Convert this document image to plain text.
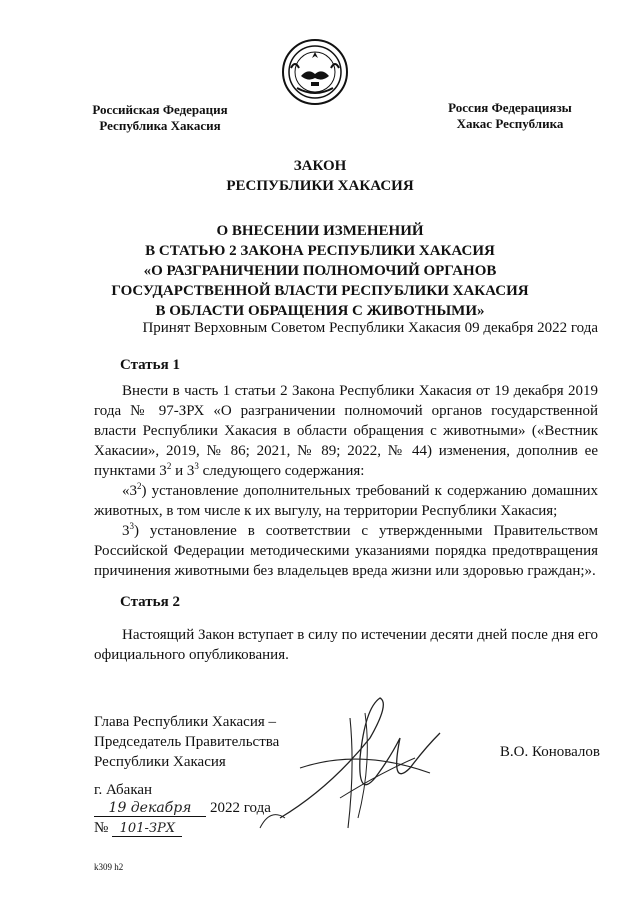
Российская Федерация
Республика Хакасия
Россия Федерациязы
Хакас Республика
ЗАКОН
РЕСПУБЛИКИ ХАКАСИЯ
О ВНЕСЕНИИ ИЗМЕНЕНИЙ
В СТАТЬЮ 2 ЗАКОНА РЕСПУБЛИКИ ХАКАСИЯ
«О РАЗГРАНИЧЕНИИ ПОЛНОМОЧИЙ ОРГАНОВ
ГОСУДАРСТВЕННОЙ ВЛАСТИ РЕСПУБЛИКИ ХАКАСИЯ
В ОБЛАСТИ ОБРАЩЕНИЯ С ЖИВОТНЫМИ»
Принят Верховным Советом Республики Хакасия 09 декабря 2022 года
Статья 1

Внести в часть 1 статьи 2 Закона Республики Хакасия от 19 декабря 2019 года № 97-ЗРХ «О разграничении полномочий органов государственной власти Республики Хакасия в области обращения с животными» («Вестник Хакасии», 2019, № 86; 2021, № 89; 2022, № 44) изменения, дополнив ее пунктами $3^2$ и $3^3$ следующего содержания:

«$3^2$) установление дополнительных требований к содержанию домашних животных, в том числе к их выгулу, на территории Республики Хакасия;

$3^3$) установление в соответствии с утвержденными Правительством Российской Федерации методическими указаниями порядка предотвращения причинения животными без владельцев вреда жизни или здоровью граждан;».

Статья 2

Настоящий Закон вступает в силу по истечении десяти дней после дня его официального опубликования.

Глава Республики Хакасия –
Председатель Правительства
Республики Хакасия
В.О. Коновалов
г. Абакан
19 декабря	2022 года
№ 101-ЗРХ
k309 h2
